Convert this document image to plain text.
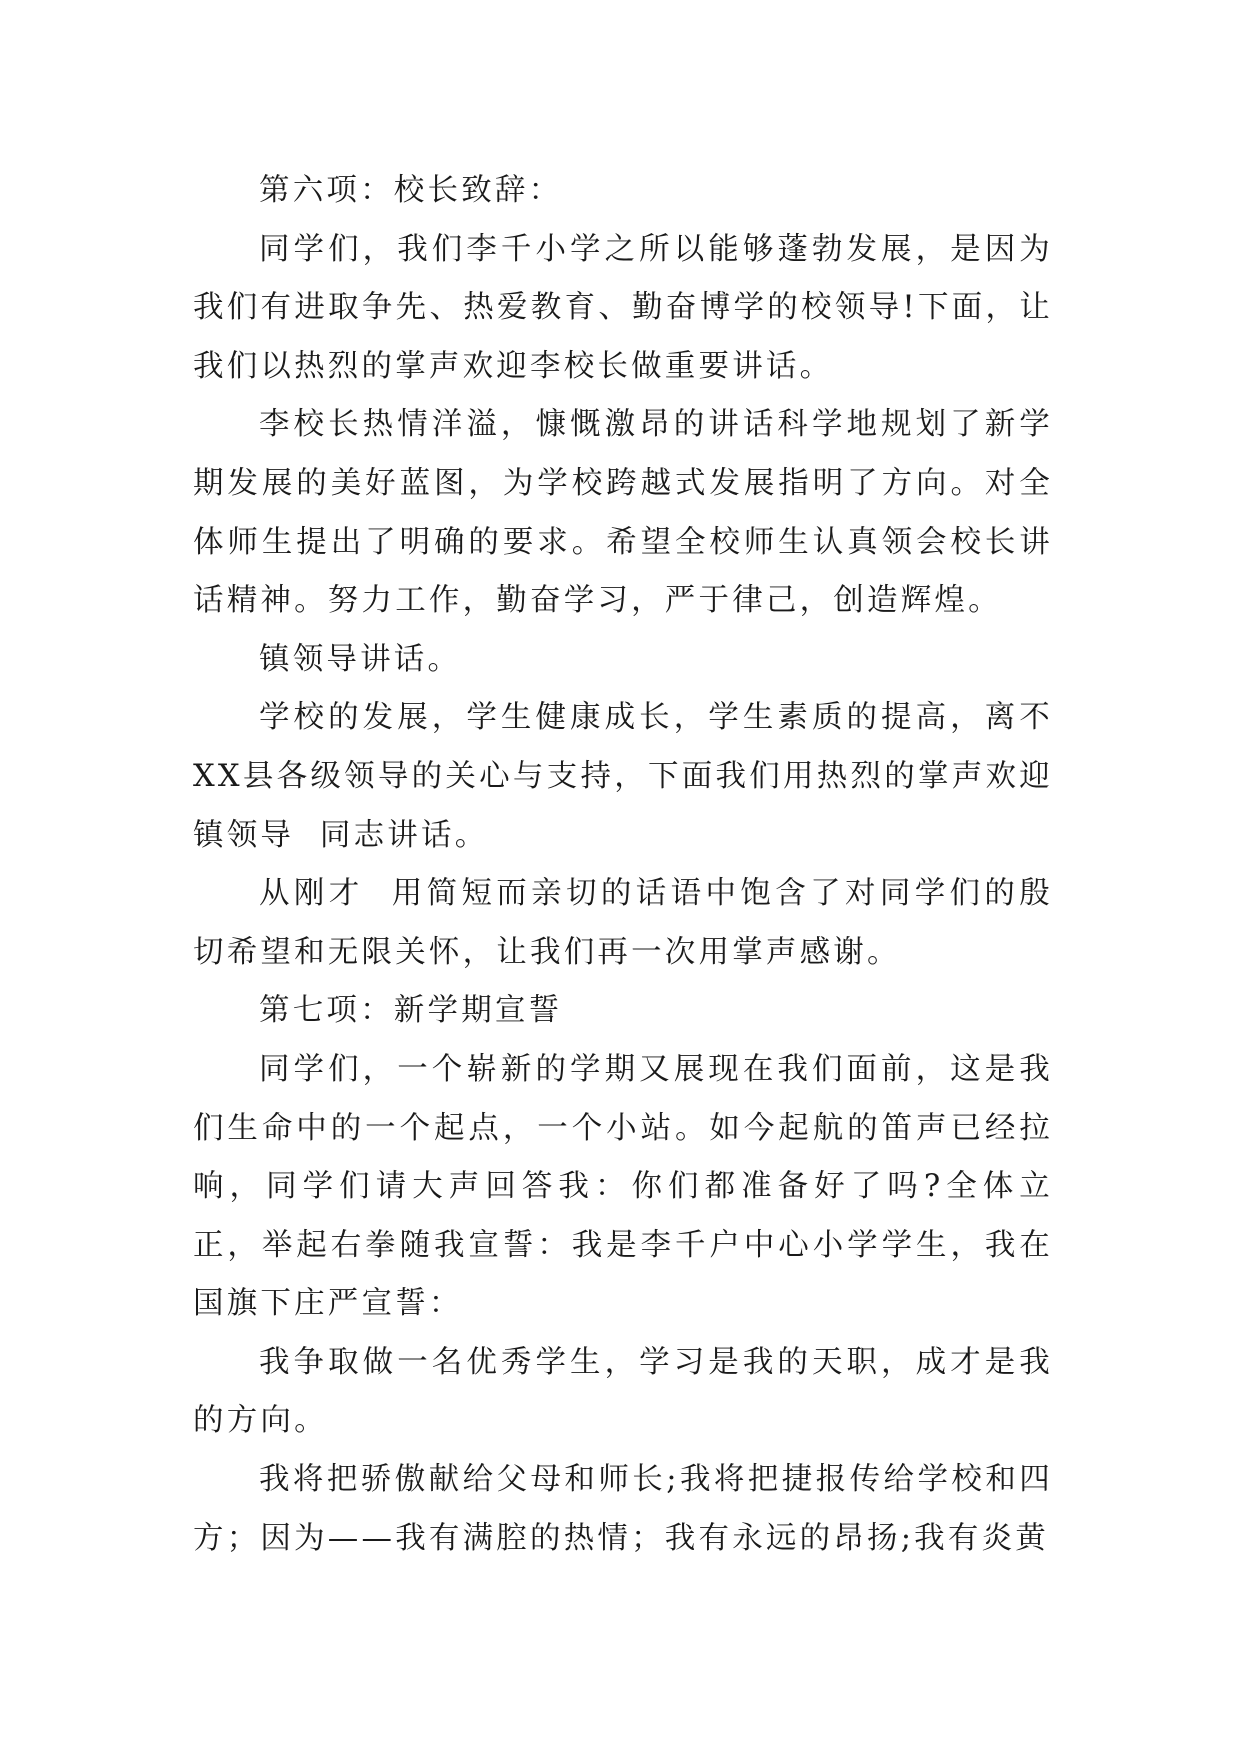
第六项：校长致辞：

同学们，我们李千小学之所以能够蓬勃发展，是因为我们有进取争先、热爱教育、勤奋博学的校领导!下面，让我们以热烈的掌声欢迎李校长做重要讲话。

李校长热情洋溢，慷慨激昂的讲话科学地规划了新学期发展的美好蓝图，为学校跨越式发展指明了方向。对全体师生提出了明确的要求。希望全校师生认真领会校长讲话精神。努力工作，勤奋学习，严于律己，创造辉煌。

镇领导讲话。

学校的发展，学生健康成长，学生素质的提高，离不XX县各级领导的关心与支持，下面我们用热烈的掌声欢迎镇领导  同志讲话。

从刚才  用简短而亲切的话语中饱含了对同学们的殷切希望和无限关怀，让我们再一次用掌声感谢。

第七项：新学期宣誓

同学们，一个崭新的学期又展现在我们面前，这是我们生命中的一个起点，一个小站。如今起航的笛声已经拉响，同学们请大声回答我：你们都准备好了吗?全体立正，举起右拳随我宣誓：我是李千户中心小学学生，我在国旗下庄严宣誓：

我争取做一名优秀学生，学习是我的天职，成才是我的方向。

我将把骄傲献给父母和师长;我将把捷报传给学校和四方；因为——我有满腔的热情；我有永远的昂扬;我有炎黄
